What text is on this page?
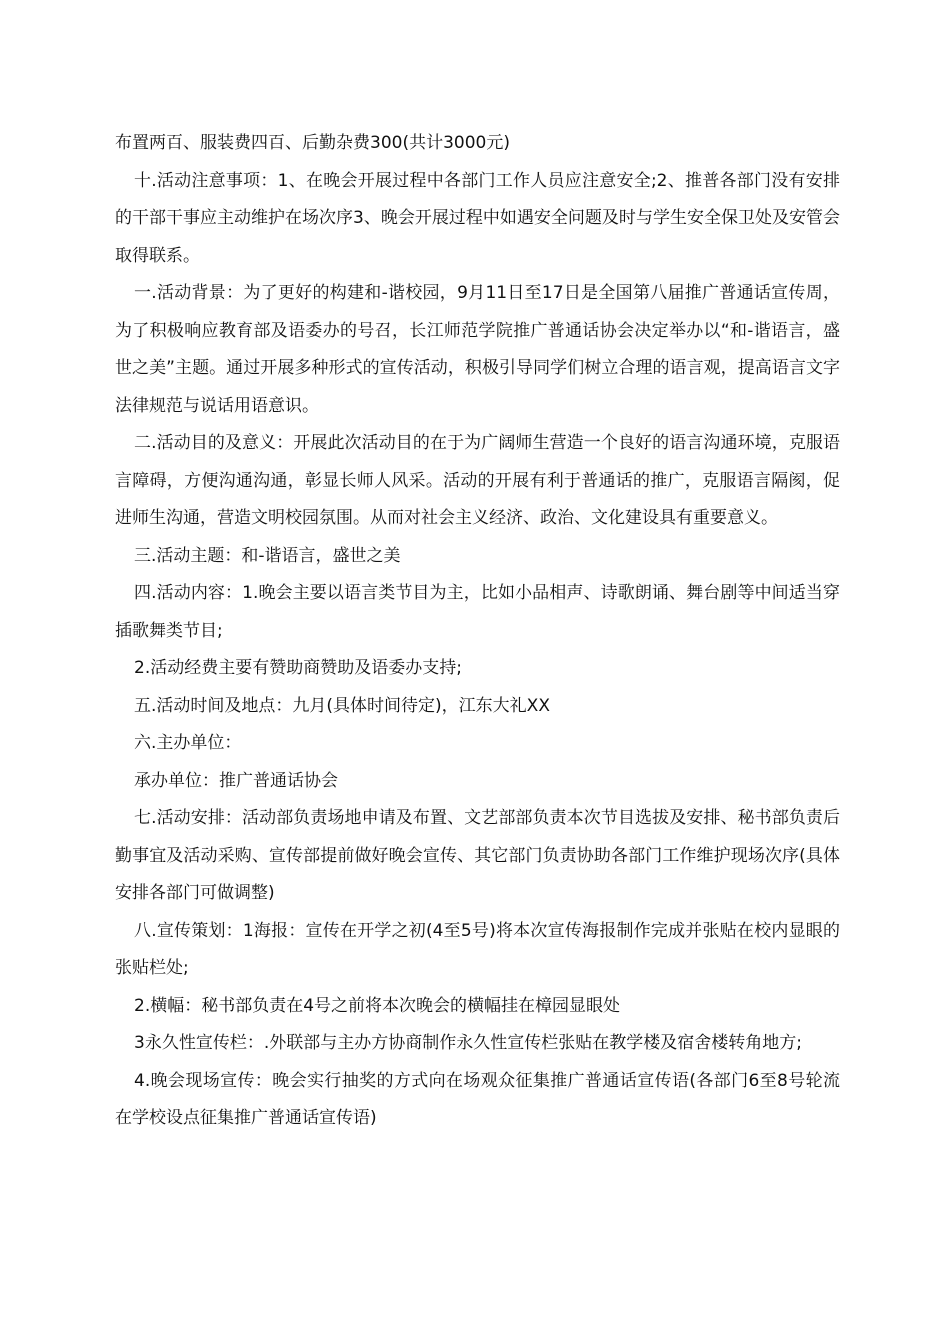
布置两百、服装费四百、后勤杂费300(共计3000元)

十.活动注意事项：1、在晚会开展过程中各部门工作人员应注意安全;2、推普各部门没有安排的干部干事应主动维护在场次序3、晚会开展过程中如遇安全问题及时与学生安全保卫处及安管会取得联系。

一.活动背景：为了更好的构建和-谐校园，9月11日至17日是全国第八届推广普通话宣传周，为了积极响应教育部及语委办的号召，长江师范学院推广普通话协会决定举办以“和-谐语言，盛世之美”主题。通过开展多种形式的宣传活动，积极引导同学们树立合理的语言观，提高语言文字法律规范与说话用语意识。

二.活动目的及意义：开展此次活动目的在于为广阔师生营造一个良好的语言沟通环境，克服语言障碍，方便沟通沟通，彰显长师人风采。活动的开展有利于普通话的推广，克服语言隔阂，促进师生沟通，营造文明校园氛围。从而对社会主义经济、政治、文化建设具有重要意义。

三.活动主题：和-谐语言，盛世之美

四.活动内容：1.晚会主要以语言类节目为主，比如小品相声、诗歌朗诵、舞台剧等中间适当穿插歌舞类节目;

2.活动经费主要有赞助商赞助及语委办支持;

五.活动时间及地点：九月(具体时间待定)，江东大礼XX

六.主办单位：

承办单位：推广普通话协会

七.活动安排：活动部负责场地申请及布置、文艺部部负责本次节目选拔及安排、秘书部负责后勤事宜及活动采购、宣传部提前做好晚会宣传、其它部门负责协助各部门工作维护现场次序(具体安排各部门可做调整)

八.宣传策划：1海报：宣传在开学之初(4至5号)将本次宣传海报制作完成并张贴在校内显眼的张贴栏处;

2.横幅：秘书部负责在4号之前将本次晚会的横幅挂在樟园显眼处

3永久性宣传栏：.外联部与主办方协商制作永久性宣传栏张贴在教学楼及宿舍楼转角地方;

4.晚会现场宣传：晚会实行抽奖的方式向在场观众征集推广普通话宣传语(各部门6至8号轮流在学校设点征集推广普通话宣传语)
